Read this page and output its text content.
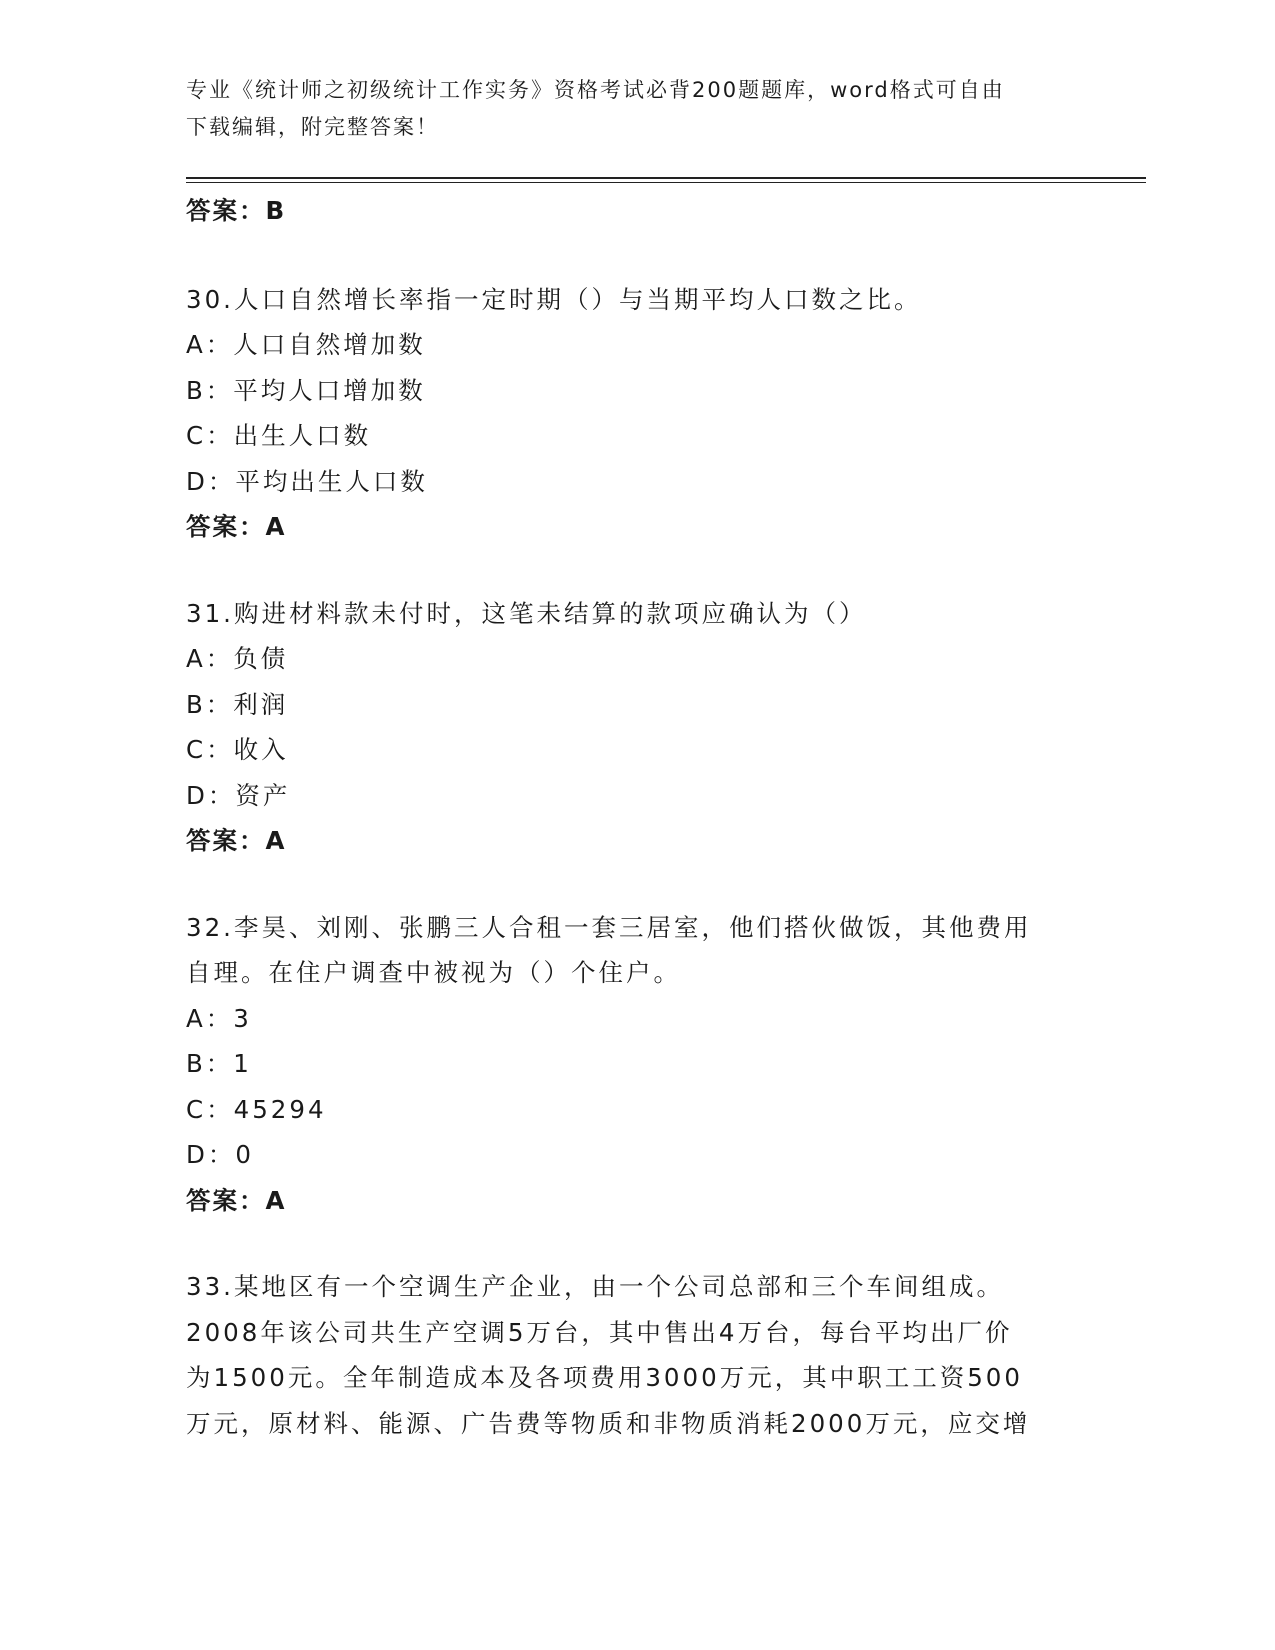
专业《统计师之初级统计工作实务》资格考试必背200题题库，word格式可自由
下载编辑，附完整答案！
答案：B
30.人口自然增长率指一定时期（）与当期平均人口数之比。
A：人口自然增加数
B：平均人口增加数
C：出生人口数
D：平均出生人口数
答案：A
31.购进材料款未付时，这笔未结算的款项应确认为（）
A：负债
B：利润
C：收入
D：资产
答案：A
32.李昊、刘刚、张鹏三人合租一套三居室，他们搭伙做饭，其他费用
自理。在住户调查中被视为（）个住户。
A：3
B：1
C：45294
D：0
答案：A
33.某地区有一个空调生产企业，由一个公司总部和三个车间组成。
2008年该公司共生产空调5万台，其中售出4万台，每台平均出厂价
为1500元。全年制造成本及各项费用3000万元，其中职工工资500
万元，原材料、能源、广告费等物质和非物质消耗2000万元，应交增
